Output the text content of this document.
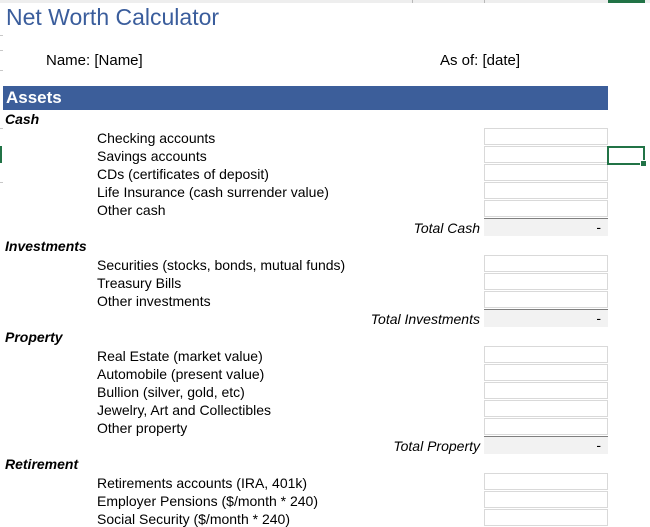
Net Worth Calculator
Name: [Name]	As of: [date]
Assets
Cash
Checking accounts
Savings accounts
CDs (certificates of deposit)
Life Insurance (cash surrender value)
Other cash
Total Cash	-
Investments
Securities (stocks, bonds, mutual funds)
Treasury Bills
Other investments
Total Investments	-
Property
Real Estate (market value)
Automobile (present value)
Bullion (silver, gold, etc)
Jewelry, Art and Collectibles
Other property
Total Property	-
Retirement
Retirements accounts (IRA, 401k)
Employer Pensions ($/month * 240)
Social Security ($/month * 240)
